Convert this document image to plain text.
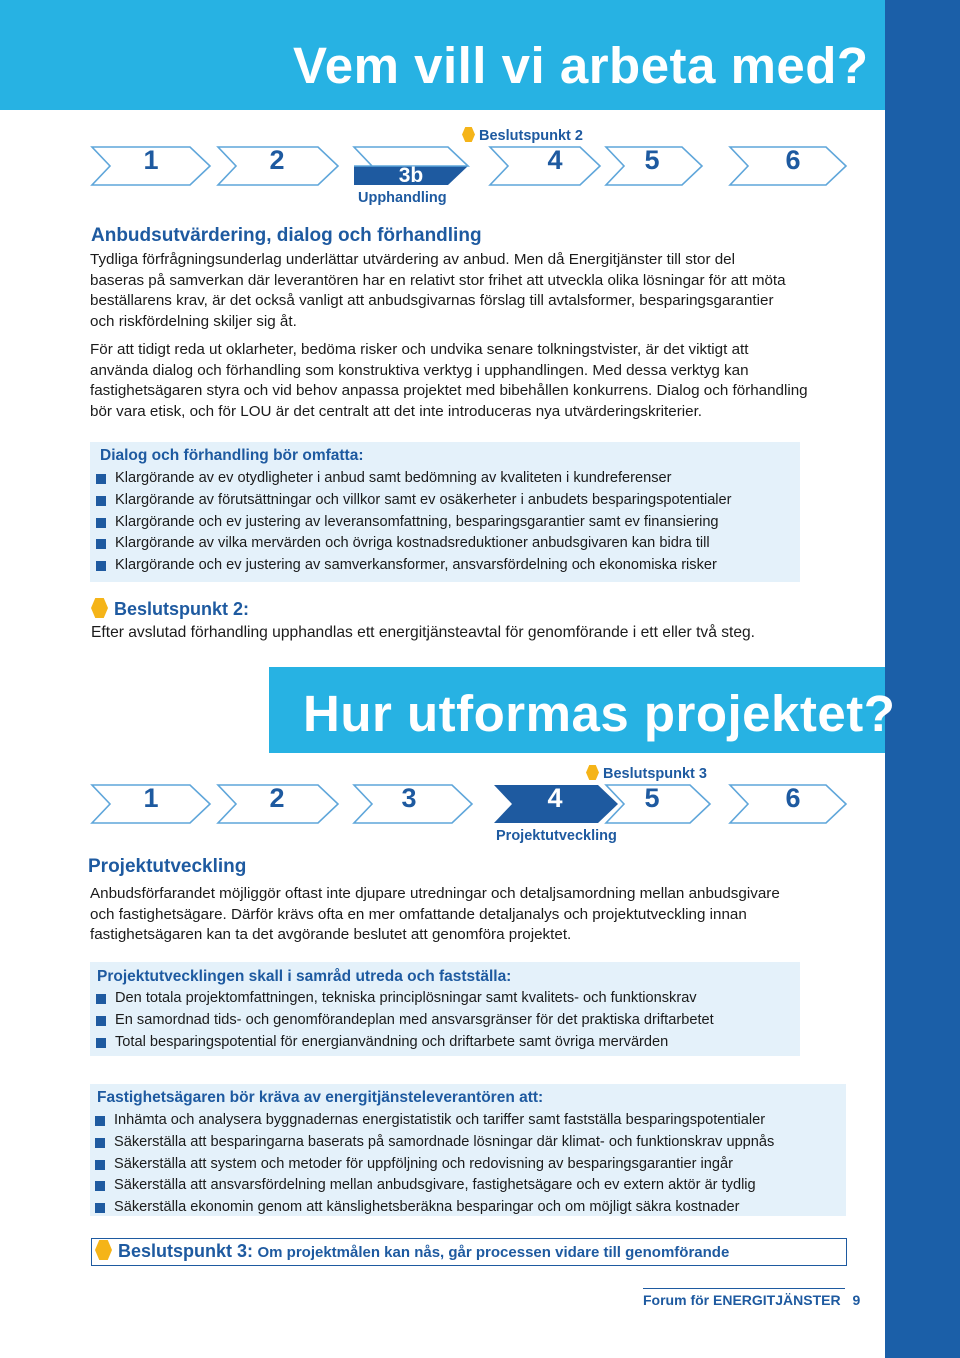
Vem vill vi arbeta med?
1	2
3b
4	5	6
Upphandling
Beslutspunkt 2
Anbudsutvärdering, dialog och förhandling
Tydliga förfrågningsunderlag underlättar utvärdering av anbud. Men då Energitjänster till stor del
baseras på samverkan där leverantören har en relativt stor frihet att utveckla olika lösningar för att möta
beställarens krav, är det också vanligt att anbudsgivarnas förslag till avtalsformer, besparingsgarantier
och riskfördelning skiljer sig åt.
För att tidigt reda ut oklarheter, bedöma risker och undvika senare tolkningstvister, är det viktigt att
använda dialog och förhandling som konstruktiva verktyg i upphandlingen. Med dessa verktyg kan
fastighetsägaren styra och vid behov anpassa projektet med bibehållen konkurrens. Dialog och förhandling
bör vara etisk, och för LOU är det centralt att det inte introduceras nya utvärderingskriterier.
Dialog och förhandling bör omfatta:
Klargörande av ev otydligheter i anbud samt bedömning av kvaliteten i kundreferenser
Klargörande av förutsättningar och villkor samt ev osäkerheter i anbudets besparingspotentialer
Klargörande och ev justering av leveransomfattning, besparingsgarantier samt ev finansiering
Klargörande av vilka mervärden och övriga kostnadsreduktioner anbudsgivaren kan bidra till
Klargörande och ev justering av samverkansformer, ansvarsfördelning och ekonomiska risker
Beslutspunkt 2:
Efter avslutad förhandling upphandlas ett energitjänsteavtal för genomförande i ett eller två steg.
Hur utformas projektet?
1	2	3	4	5	6
Projektutveckling
Beslutspunkt 3
Projektutveckling
Anbudsförfarandet möjliggör oftast inte djupare utredningar och detaljsamordning mellan anbudsgivare
och fastighetsägare. Därför krävs ofta en mer omfattande detaljanalys och projektutveckling innan
fastighetsägaren kan ta det avgörande beslutet att genomföra projektet.
Projektutvecklingen skall i samråd utreda och fastställa:
Den totala projektomfattningen, tekniska principlösningar samt kvalitets- och funktionskrav
En samordnad tids- och genomförandeplan med ansvarsgränser för det praktiska driftarbetet
Total besparingspotential för energianvändning och driftarbete samt övriga mervärden
Fastighetsägaren bör kräva av energitjänsteleverantören att:
Inhämta och analysera byggnadernas energistatistik och tariffer samt fastställa besparingspotentialer
Säkerställa att besparingarna baserats på samordnade lösningar där klimat- och funktionskrav uppnås
Säkerställa att system och metoder för uppföljning och redovisning av besparingsgarantier ingår
Säkerställa att ansvarsfördelning mellan anbudsgivare, fastighetsägare och ev extern aktör är tydlig
Säkerställa ekonomin genom att känslighetsberäkna besparingar och om möjligt säkra kostnader
Beslutspunkt 3: Om projektmålen kan nås, går processen vidare till genomförande
Forum för ENERGITJÄNSTER 9
